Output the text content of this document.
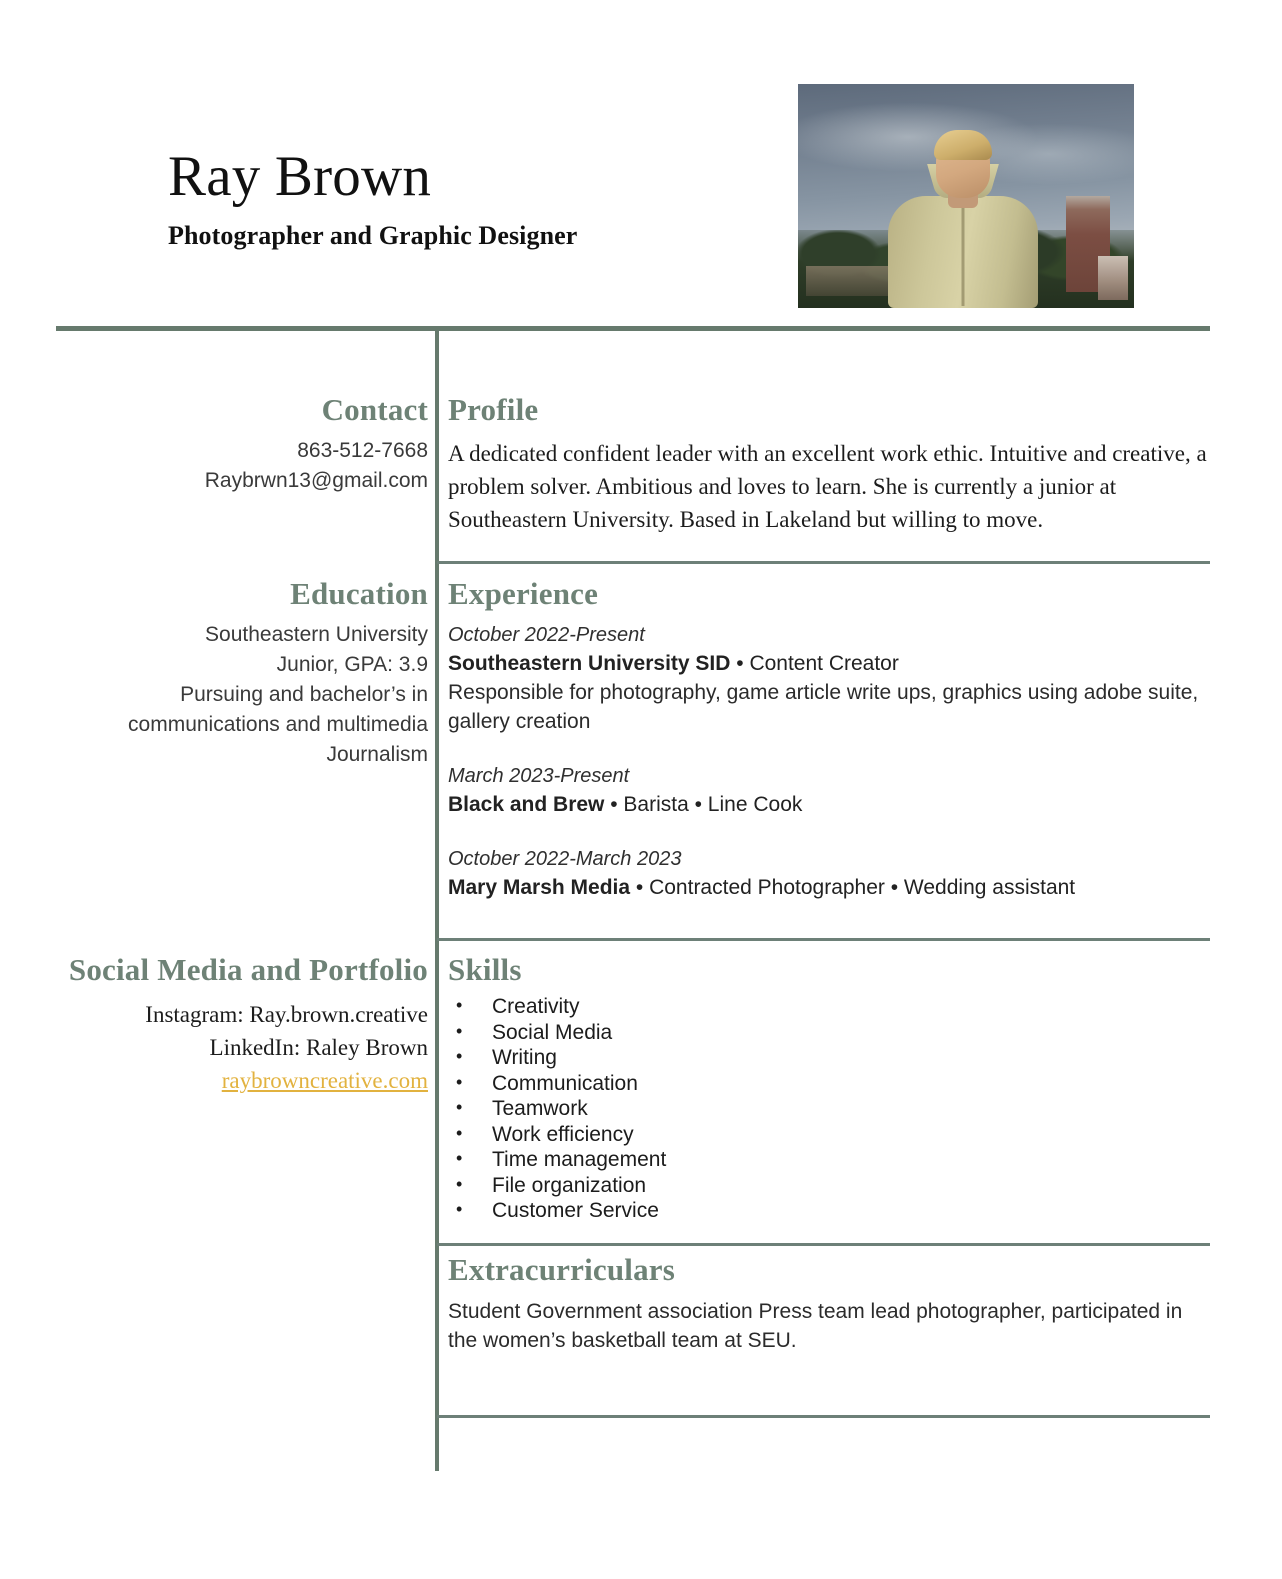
Ray Brown
Photographer and Graphic Designer
Contact
863-512-7668
Raybrwn13@gmail.com
Education
Southeastern University
Junior, GPA: 3.9
Pursuing and bachelor’s in communications and multimedia Journalism
Social Media and Portfolio
Instagram: Ray.brown.creative
LinkedIn: Raley Brown
raybrowncreative.com
Profile
A dedicated confident leader with an excellent work ethic. Intuitive and creative, a problem solver. Ambitious and loves to learn. She is currently a junior at Southeastern University. Based in Lakeland but willing to move.
Experience
October 2022-Present
Southeastern University SID • Content Creator
Responsible for photography, game article write ups, graphics using adobe suite, gallery creation
March 2023-Present
Black and Brew • Barista • Line Cook
October 2022-March 2023
Mary Marsh Media • Contracted Photographer • Wedding assistant
Skills
• Creativity
• Social Media
• Writing
• Communication
• Teamwork
• Work efficiency
• Time management
• File organization
• Customer Service
Extracurriculars
Student Government association Press team lead photographer, participated in the women’s basketball team at SEU.
